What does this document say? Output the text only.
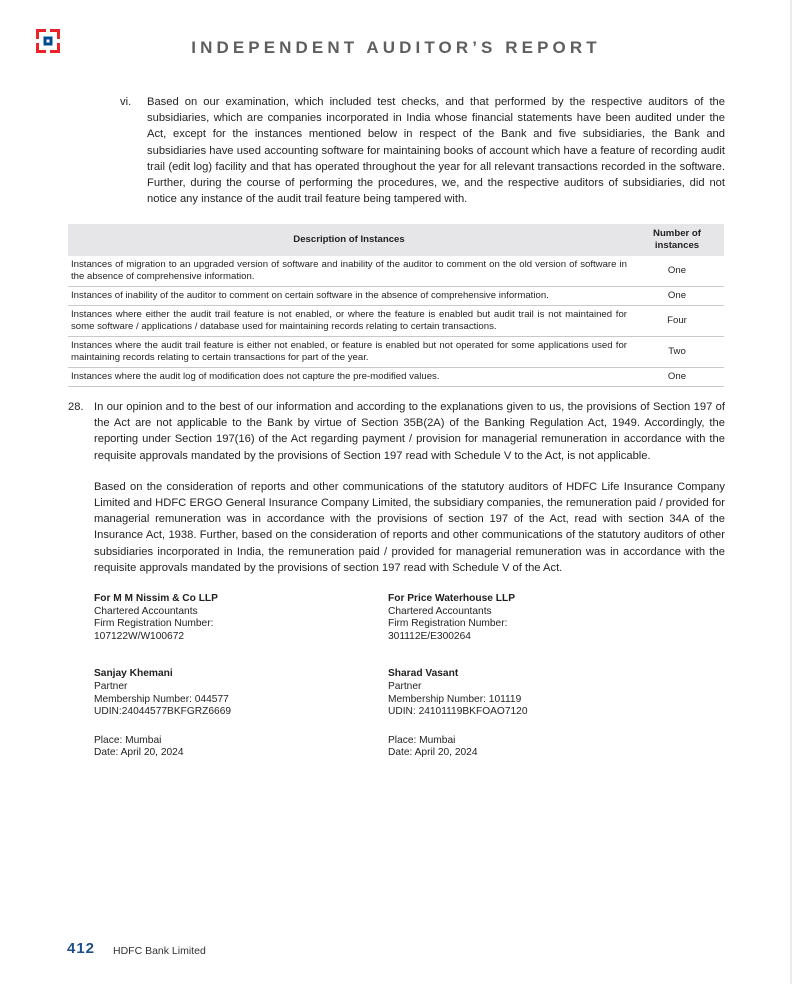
INDEPENDENT AUDITOR’S REPORT
vi. Based on our examination, which included test checks, and that performed by the respective auditors of the subsidiaries, which are companies incorporated in India whose financial statements have been audited under the Act, except for the instances mentioned below in respect of the Bank and five subsidiaries, the Bank and subsidiaries have used accounting software for maintaining books of account which have a feature of recording audit trail (edit log) facility and that has operated throughout the year for all relevant transactions recorded in the software. Further, during the course of performing the procedures, we, and the respective auditors of subsidiaries, did not notice any instance of the audit trail feature being tampered with.
Description of Instances	Number of instances
Instances of migration to an upgraded version of software and inability of the auditor to comment on the old version of software in the absence of comprehensive information.	One
Instances of inability of the auditor to comment on certain software in the absence of comprehensive information.	One
Instances where either the audit trail feature is not enabled, or where the feature is enabled but audit trail is not maintained for some software / applications / database used for maintaining records relating to certain transactions.	Four
Instances where the audit trail feature is either not enabled, or feature is enabled but not operated for some applications used for maintaining records relating to certain transactions for part of the year.	Two
Instances where the audit log of modification does not capture the pre-modified values.	One
28. In our opinion and to the best of our information and according to the explanations given to us, the provisions of Section 197 of the Act are not applicable to the Bank by virtue of Section 35B(2A) of the Banking Regulation Act, 1949. Accordingly, the reporting under Section 197(16) of the Act regarding payment / provision for managerial remuneration in accordance with the requisite approvals mandated by the provisions of Section 197 read with Schedule V to the Act, is not applicable.
Based on the consideration of reports and other communications of the statutory auditors of HDFC Life Insurance Company Limited and HDFC ERGO General Insurance Company Limited, the subsidiary companies, the remuneration paid / provided for managerial remuneration was in accordance with the provisions of section 197 of the Act, read with section 34A of the Insurance Act, 1938. Further, based on the consideration of reports and other communications of the statutory auditors of other subsidiaries incorporated in India, the remuneration paid / provided for managerial remuneration was in accordance with the requisite approvals mandated by the provisions of section 197 read with Schedule V of the Act.
For M M Nissim & Co LLP
Chartered Accountants
Firm Registration Number:
107122W/W100672
Sanjay Khemani
Partner
Membership Number: 044577
UDIN:24044577BKFGRZ6669
Place: Mumbai
Date: April 20, 2024
For Price Waterhouse LLP
Chartered Accountants
Firm Registration Number:
301112E/E300264
Sharad Vasant
Partner
Membership Number: 101119
UDIN: 24101119BKFOAO7120
Place: Mumbai
Date: April 20, 2024
412 HDFC Bank Limited
